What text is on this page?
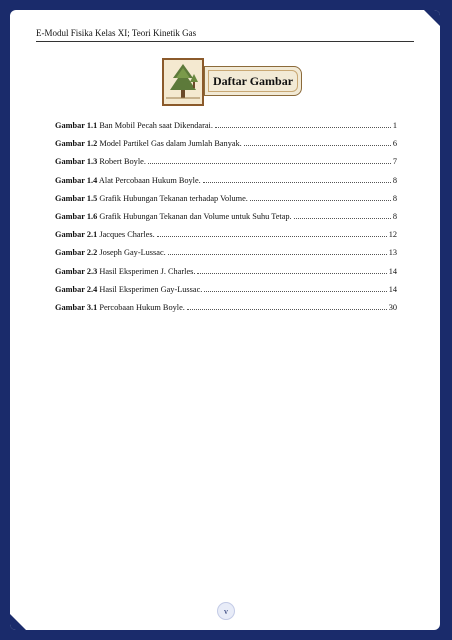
E-Modul Fisika Kelas XI; Teori Kinetik Gas
Daftar Gambar
Gambar 1.1 Ban Mobil Pecah saat Dikendarai.	1
Gambar 1.2 Model Partikel Gas dalam Jumlah Banyak.	6
Gambar 1.3 Robert Boyle.	7
Gambar 1.4 Alat Percobaan Hukum Boyle.	8
Gambar 1.5 Grafik Hubungan Tekanan terhadap Volume.	8
Gambar 1.6 Grafik Hubungan Tekanan dan Volume untuk Suhu Tetap.	8
Gambar 2.1 Jacques Charles.	12
Gambar 2.2 Joseph Gay-Lussac.	13
Gambar 2.3 Hasil Eksperimen J. Charles.	14
Gambar 2.4 Hasil Eksperimen Gay-Lussac.	14
Gambar 3.1 Percobaan Hukum Boyle.	30
v
